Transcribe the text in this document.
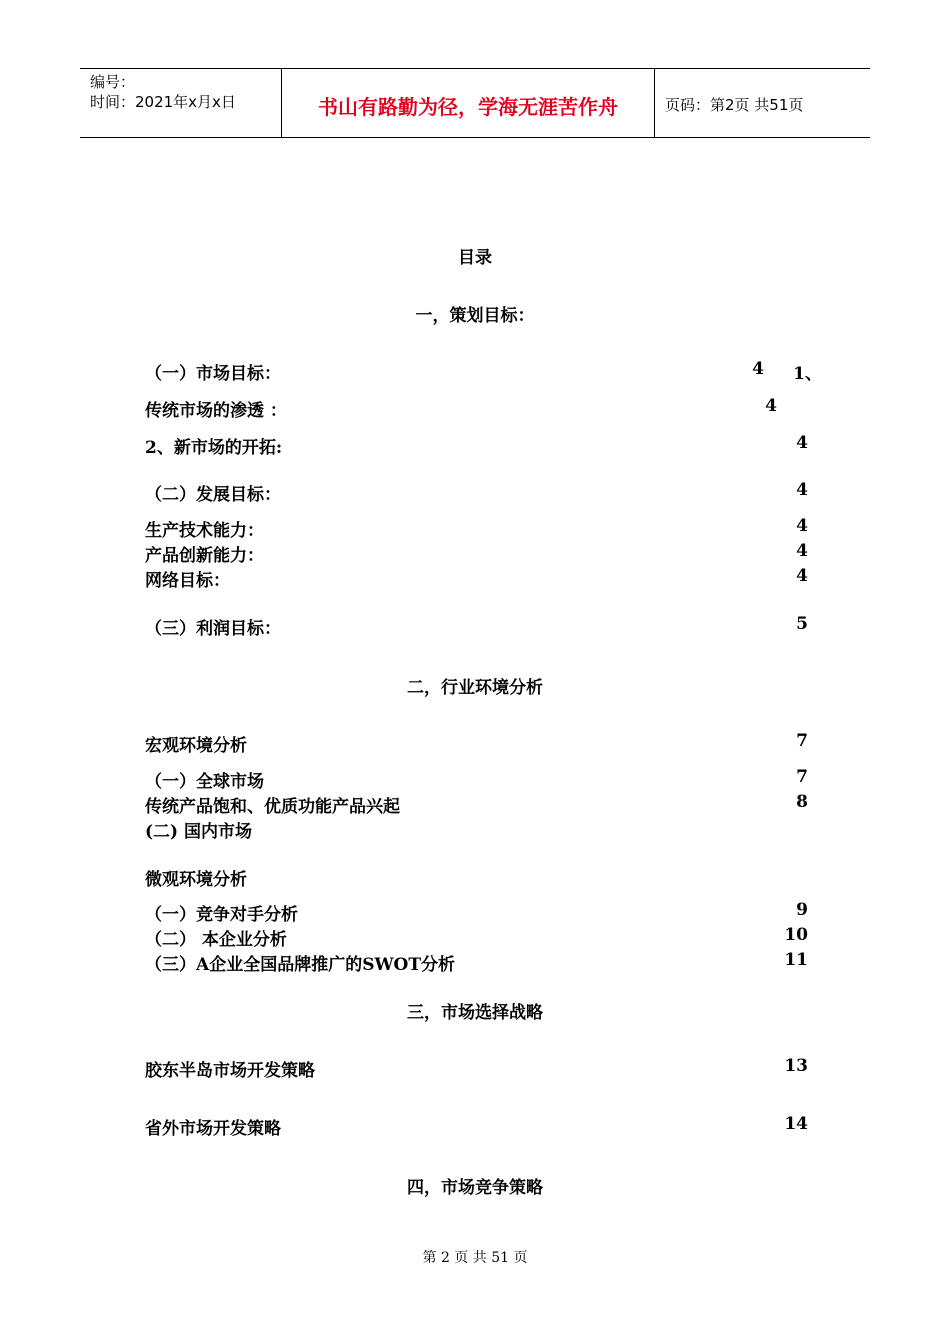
编号：
时间：2021年x月x日	书山有路勤为径，学海无涯苦作舟	页码：第2页 共51页
目录
一，策划目标：
（一）市场目标：	4	1、
传统市场的渗透 ：	4
2、新市场的开拓:	4
（二）发展目标：	4
生产技术能力：	4
产品创新能力：	4
网络目标：	4
（三）利润目标：	5
二，行业环境分析
宏观环境分析	7
（一）全球市场	7
传统产品饱和、优质功能产品兴起	8
(二) 国内市场
微观环境分析
（一）竞争对手分析	9
（二） 本企业分析	10
（三）A企业全国品牌推广的SWOT分析	11
三，市场选择战略
胶东半岛市场开发策略	13
省外市场开发策略	14
四，市场竞争策略
第 2 页 共 51 页
